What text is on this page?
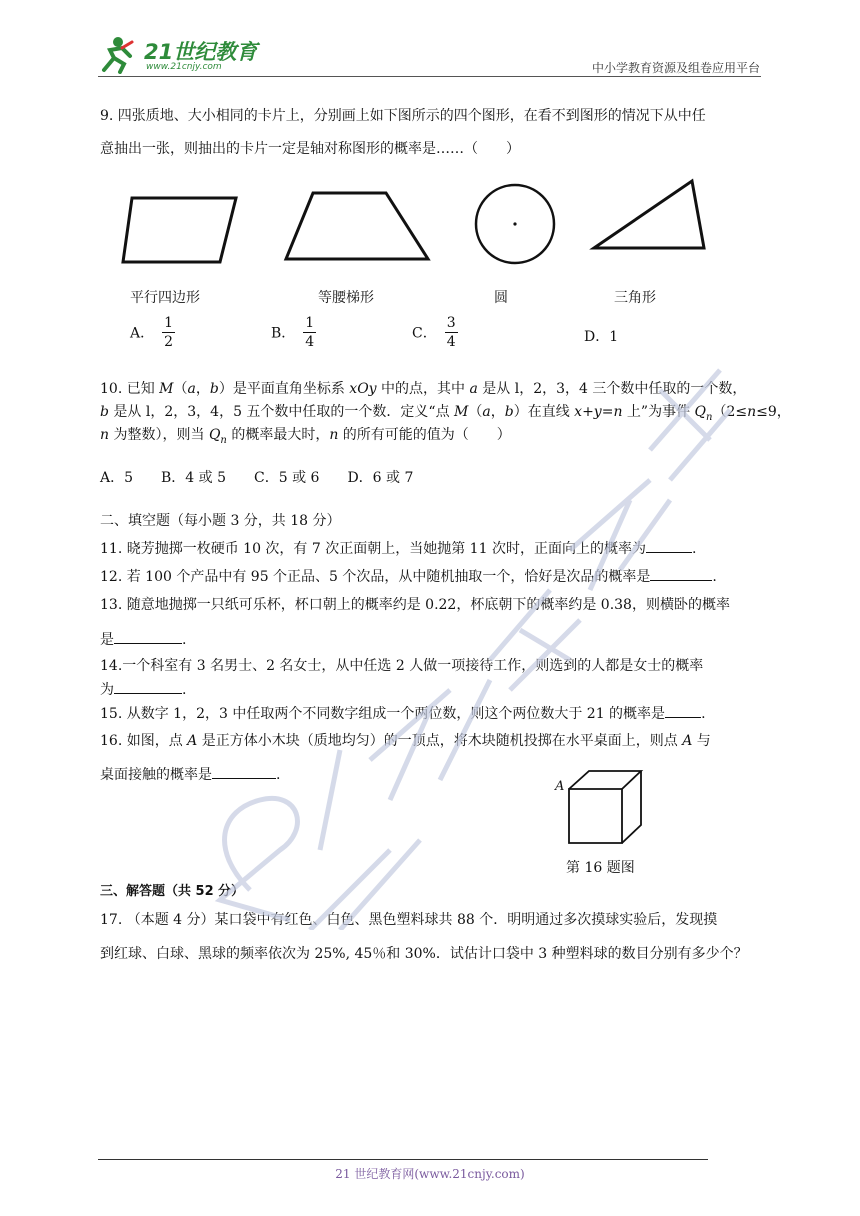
21世纪教育
www.21cnjy.com	中小学教育资源及组卷应用平台
9. 四张质地、大小相同的卡片上，分别画上如下图所示的四个图形，在看不到图形的情况下从中任
意抽出一张，则抽出的卡片一定是轴对称图形的概率是……（　　）
平行四边形	等腰梯形	圆	三角形
A． $\frac{1}{2}$	B． $\frac{1}{4}$	C． $\frac{3}{4}$	D．1
10. 已知 M（a，b）是平面直角坐标系 xOy 中的点，其中 a 是从 l，2，3，4 三个数中任取的一个数，
b 是从 l，2，3，4，5 五个数中任取的一个数．定义“点 M（a，b）在直线 x+y=n 上”为事件 $Q_n(2\le n\le 9$，
n 为整数），则当 $Q_n$ 的概率最大时，n 的所有可能的值为（　　）
A．5　　B．4 或 5　　C．5 或 6　　D．6 或 7
二、填空题（每小题 3 分，共 18 分）
11. 晓芳抛掷一枚硬币 10 次，有 7 次正面朝上，当她抛第 11 次时，正面向上的概率为	.
12. 若 100 个产品中有 95 个正品、5 个次品，从中随机抽取一个，恰好是次品的概率是	.
13. 随意地抛掷一只纸可乐杯，杯口朝上的概率约是 0.22，杯底朝下的概率约是 0.38，则横卧的概率
是	.
14.一个科室有 3 名男士、2 名女士，从中任选 2 人做一项接待工作，则选到的人都是女士的概率
为	.
15. 从数字 1，2，3 中任取两个不同数字组成一个两位数，则这个两位数大于 21 的概率是	.
16. 如图，点 A 是正方体小木块（质地均匀）的一顶点，将木块随机投掷在水平桌面上，则点 A 与
桌面接触的概率是	.
A
第 16 题图
三、解答题（共 52 分）
17. （本题 4 分）某口袋中有红色、白色、黑色塑料球共 88 个．明明通过多次摸球实验后，发现摸
到红球、白球、黑球的频率依次为 25%, 45％和 30%．试估计口袋中 3 种塑料球的数目分别有多少个？
21 世纪教育网(www.21cnjy.com)
